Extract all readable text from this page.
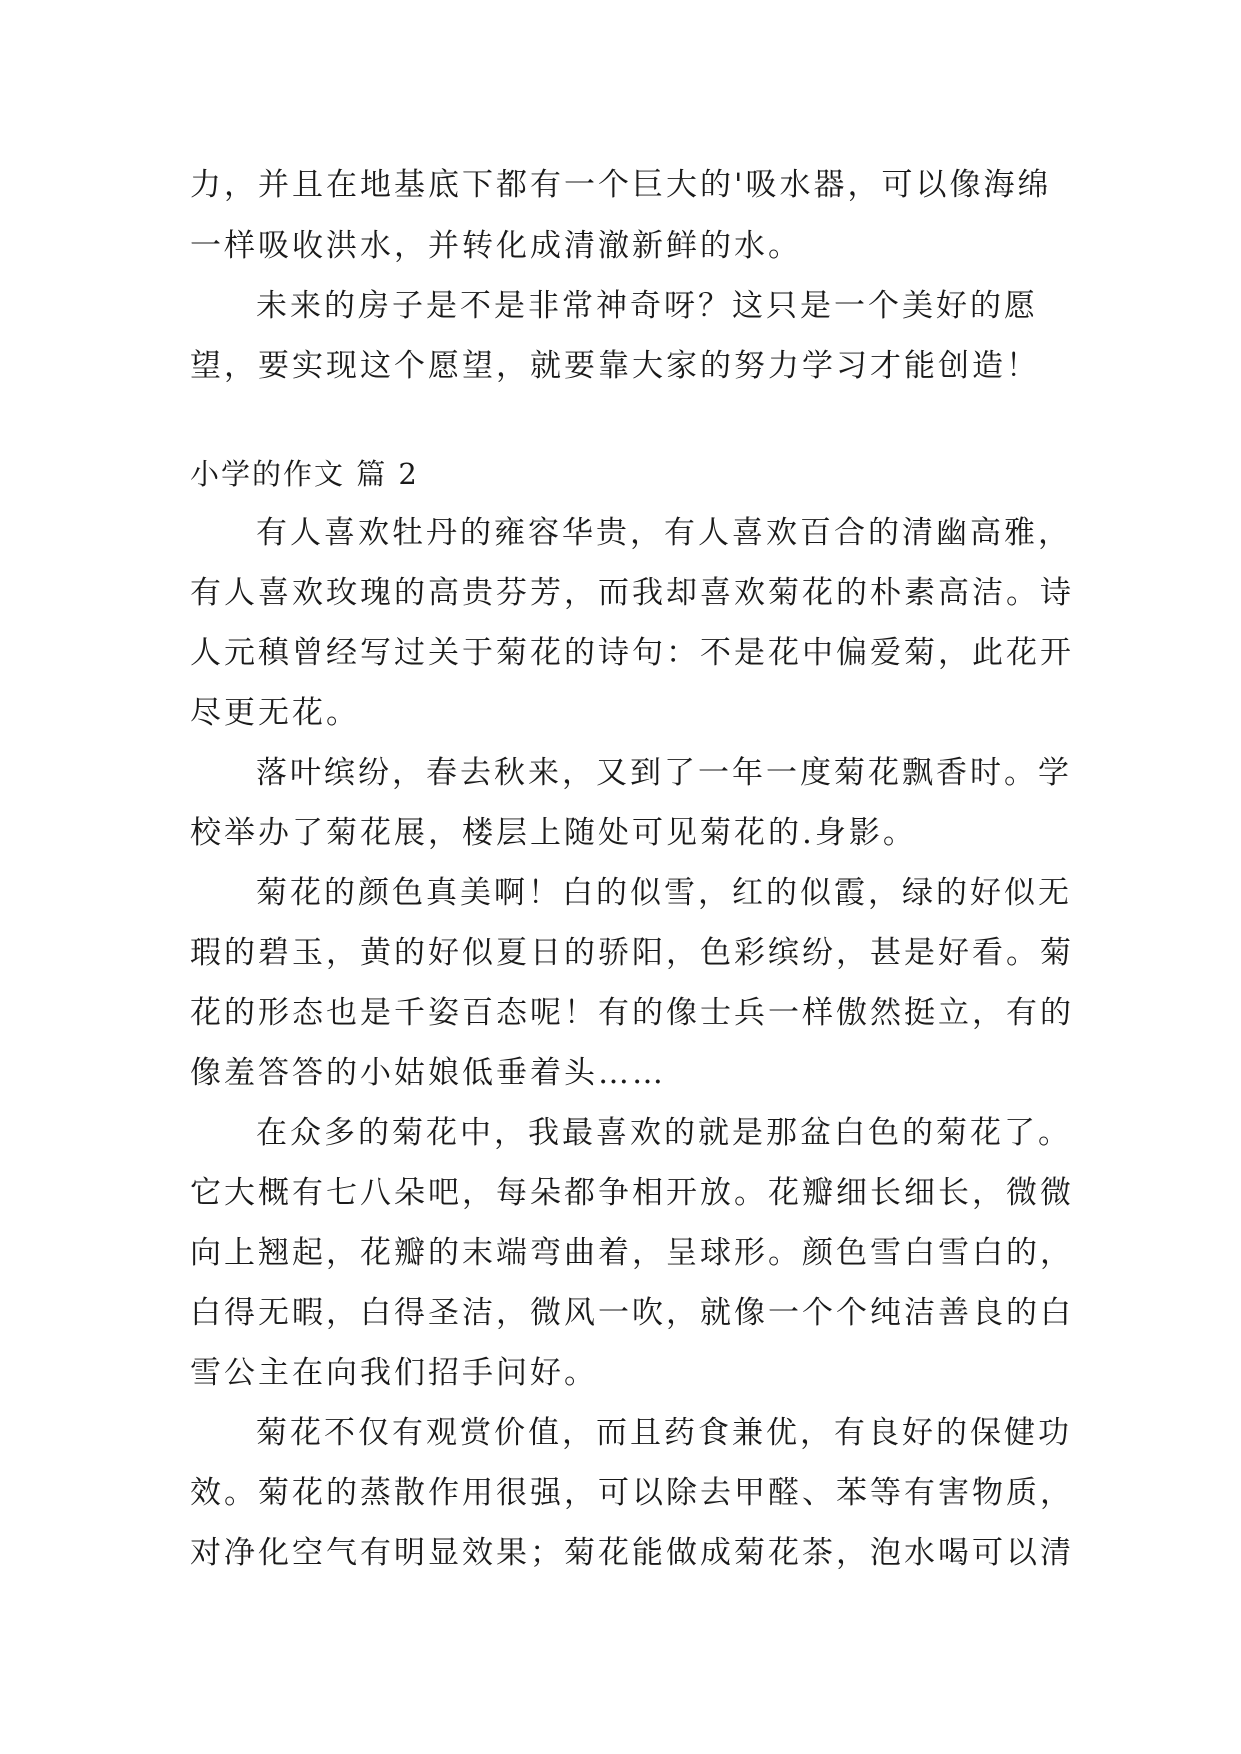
力，并且在地基底下都有一个巨大的'吸水器，可以像海绵
一样吸收洪水，并转化成清澈新鲜的水。
未来的房子是不是非常神奇呀？这只是一个美好的愿
望，要实现这个愿望，就要靠大家的努力学习才能创造！
小学的作文 篇 2
有人喜欢牡丹的雍容华贵，有人喜欢百合的清幽高雅，
有人喜欢玫瑰的高贵芬芳，而我却喜欢菊花的朴素高洁。诗
人元稹曾经写过关于菊花的诗句：不是花中偏爱菊，此花开
尽更无花。
落叶缤纷，春去秋来，又到了一年一度菊花飘香时。学
校举办了菊花展，楼层上随处可见菊花的.身影。
菊花的颜色真美啊！白的似雪，红的似霞，绿的好似无
瑕的碧玉，黄的好似夏日的骄阳，色彩缤纷，甚是好看。菊
花的形态也是千姿百态呢！有的像士兵一样傲然挺立，有的
像羞答答的小姑娘低垂着头……
在众多的菊花中，我最喜欢的就是那盆白色的菊花了。
它大概有七八朵吧，每朵都争相开放。花瓣细长细长，微微
向上翘起，花瓣的末端弯曲着，呈球形。颜色雪白雪白的，
白得无暇，白得圣洁，微风一吹，就像一个个纯洁善良的白
雪公主在向我们招手问好。
菊花不仅有观赏价值，而且药食兼优，有良好的保健功
效。菊花的蒸散作用很强，可以除去甲醛、苯等有害物质，
对净化空气有明显效果；菊花能做成菊花茶，泡水喝可以清
